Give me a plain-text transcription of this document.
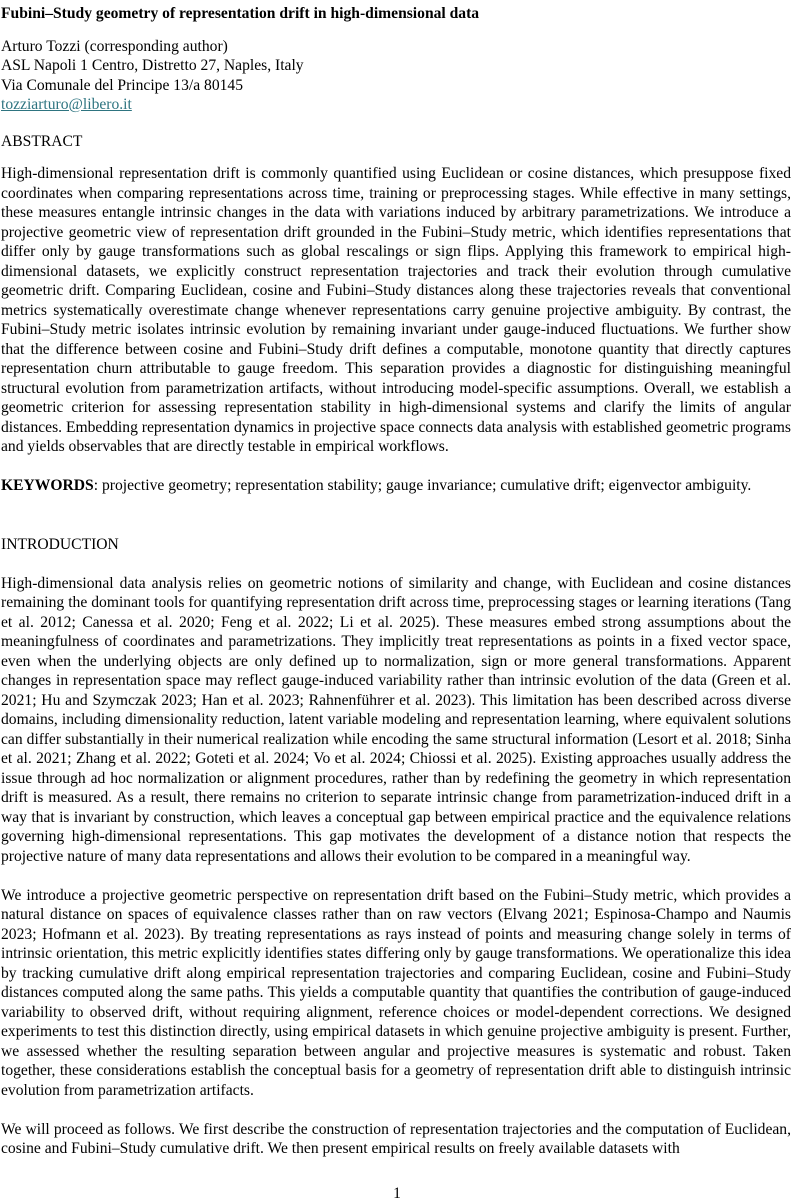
Fubini–Study geometry of representation drift in high-dimensional data
Arturo Tozzi (corresponding author)
ASL Napoli 1 Centro, Distretto 27, Naples, Italy
Via Comunale del Principe 13/a 80145
tozziarturo@libero.it
ABSTRACT

High-dimensional representation drift is commonly quantified using Euclidean or cosine distances, which presuppose fixed coordinates when comparing representations across time, training or preprocessing stages. While effective in many settings, these measures entangle intrinsic changes in the data with variations induced by arbitrary parametrizations. We introduce a projective geometric view of representation drift grounded in the Fubini–Study metric, which identifies representations that differ only by gauge transformations such as global rescalings or sign flips. Applying this framework to empirical high-dimensional datasets, we explicitly construct representation trajectories and track their evolution through cumulative geometric drift. Comparing Euclidean, cosine and Fubini–Study distances along these trajectories reveals that conventional metrics systematically overestimate change whenever representations carry genuine projective ambiguity. By contrast, the Fubini–Study metric isolates intrinsic evolution by remaining invariant under gauge-induced fluctuations. We further show that the difference between cosine and Fubini–Study drift defines a computable, monotone quantity that directly captures representation churn attributable to gauge freedom. This separation provides a diagnostic for distinguishing meaningful structural evolution from parametrization artifacts, without introducing model-specific assumptions. Overall, we establish a geometric criterion for assessing representation stability in high-dimensional systems and clarify the limits of angular distances. Embedding representation dynamics in projective space connects data analysis with established geometric programs and yields observables that are directly testable in empirical workflows.

KEYWORDS: projective geometry; representation stability; gauge invariance; cumulative drift; eigenvector ambiguity.

INTRODUCTION

High-dimensional data analysis relies on geometric notions of similarity and change, with Euclidean and cosine distances remaining the dominant tools for quantifying representation drift across time, preprocessing stages or learning iterations (Tang et al. 2012; Canessa et al. 2020; Feng et al. 2022; Li et al. 2025). These measures embed strong assumptions about the meaningfulness of coordinates and parametrizations. They implicitly treat representations as points in a fixed vector space, even when the underlying objects are only defined up to normalization, sign or more general transformations. Apparent changes in representation space may reflect gauge-induced variability rather than intrinsic evolution of the data (Green et al. 2021; Hu and Szymczak 2023; Han et al. 2023; Rahnenführer et al. 2023). This limitation has been described across diverse domains, including dimensionality reduction, latent variable modeling and representation learning, where equivalent solutions can differ substantially in their numerical realization while encoding the same structural information (Lesort et al. 2018; Sinha et al. 2021; Zhang et al. 2022; Goteti et al. 2024; Vo et al. 2024; Chiossi et al. 2025). Existing approaches usually address the issue through ad hoc normalization or alignment procedures, rather than by redefining the geometry in which representation drift is measured. As a result, there remains no criterion to separate intrinsic change from parametrization-induced drift in a way that is invariant by construction, which leaves a conceptual gap between empirical practice and the equivalence relations governing high-dimensional representations. This gap motivates the development of a distance notion that respects the projective nature of many data representations and allows their evolution to be compared in a meaningful way.

We introduce a projective geometric perspective on representation drift based on the Fubini–Study metric, which provides a natural distance on spaces of equivalence classes rather than on raw vectors (Elvang 2021; Espinosa-Champo and Naumis 2023; Hofmann et al. 2023). By treating representations as rays instead of points and measuring change solely in terms of intrinsic orientation, this metric explicitly identifies states differing only by gauge transformations. We operationalize this idea by tracking cumulative drift along empirical representation trajectories and comparing Euclidean, cosine and Fubini–Study distances computed along the same paths. This yields a computable quantity that quantifies the contribution of gauge-induced variability to observed drift, without requiring alignment, reference choices or model-dependent corrections. We designed experiments to test this distinction directly, using empirical datasets in which genuine projective ambiguity is present. Further, we assessed whether the resulting separation between angular and projective measures is systematic and robust. Taken together, these considerations establish the conceptual basis for a geometry of representation drift able to distinguish intrinsic evolution from parametrization artifacts.

We will proceed as follows. We first describe the construction of representation trajectories and the computation of Euclidean, cosine and Fubini–Study cumulative drift. We then present empirical results on freely available datasets with

1
